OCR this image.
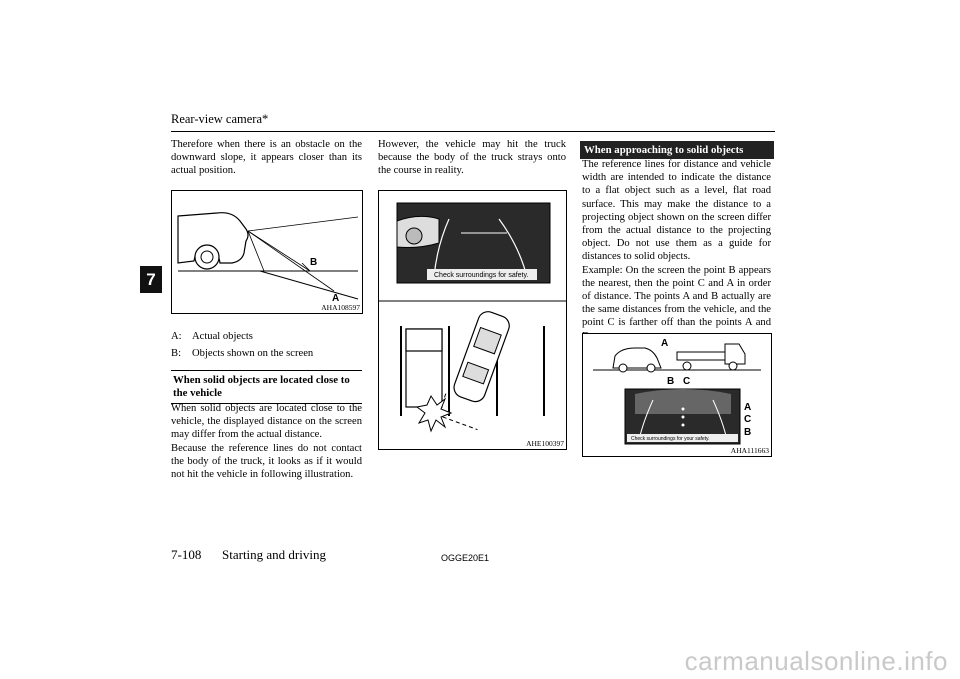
Rear-view camera*
7

Therefore when there is an obstacle on the downward slope, it appears closer than its actual position.

B
A
AHA108597
A: Actual objects
B:	Objects shown on the screen
When solid objects are located close to the vehicle

When solid objects are located close to the vehicle, the displayed distance on the screen may differ from the actual distance.

Because the reference lines do not contact the body of the truck, it looks as if it would not hit the vehicle in following illustration.

However, the vehicle may hit the truck because the body of the truck strays onto the course in reality.

Check surroundings for safety.
AHE100397
When approaching to solid objects

The reference lines for distance and vehicle width are intended to indicate the distance to a flat object such as a level, flat road surface. This may make the distance to a projecting object shown on the screen differ from the actual distance to the projecting object. Do not use them as a guide for distances to solid objects.

Example: On the screen the point B appears the nearest, then the point C and A in order of distance. The points A and B actually are the same distances from the vehicle, and the point C is farther off than the points A and

A
B C
Check surroundings for your safety.
A
C
B
AHA111663
7-108 Starting and driving	OGGE20E1
carmanualsonline.info
